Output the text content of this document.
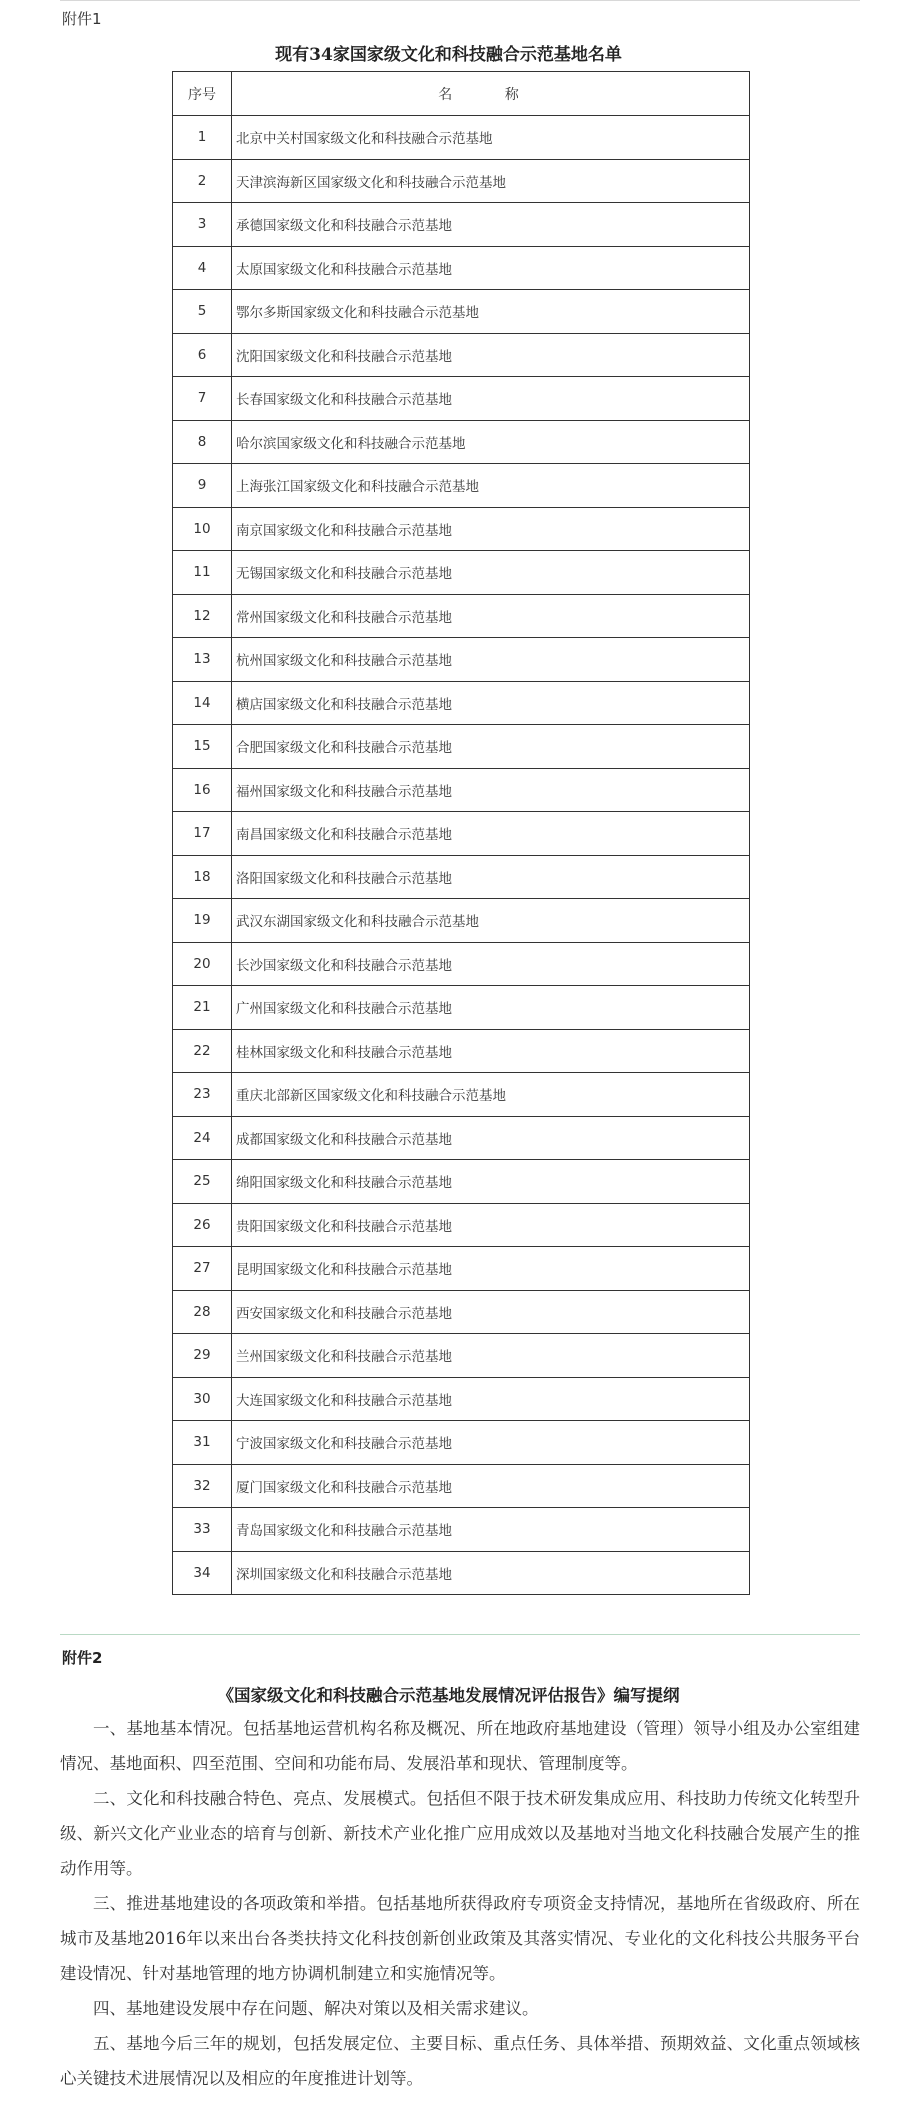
附件1
现有34家国家级文化和科技融合示范基地名单
序号	名 称
1	北京中关村国家级文化和科技融合示范基地
2	天津滨海新区国家级文化和科技融合示范基地
3	承德国家级文化和科技融合示范基地
4	太原国家级文化和科技融合示范基地
5	鄂尔多斯国家级文化和科技融合示范基地
6	沈阳国家级文化和科技融合示范基地
7	长春国家级文化和科技融合示范基地
8	哈尔滨国家级文化和科技融合示范基地
9	上海张江国家级文化和科技融合示范基地
10	南京国家级文化和科技融合示范基地
11	无锡国家级文化和科技融合示范基地
12	常州国家级文化和科技融合示范基地
13	杭州国家级文化和科技融合示范基地
14	横店国家级文化和科技融合示范基地
15	合肥国家级文化和科技融合示范基地
16	福州国家级文化和科技融合示范基地
17	南昌国家级文化和科技融合示范基地
18	洛阳国家级文化和科技融合示范基地
19	武汉东湖国家级文化和科技融合示范基地
20	长沙国家级文化和科技融合示范基地
21	广州国家级文化和科技融合示范基地
22	桂林国家级文化和科技融合示范基地
23	重庆北部新区国家级文化和科技融合示范基地
24	成都国家级文化和科技融合示范基地
25	绵阳国家级文化和科技融合示范基地
26	贵阳国家级文化和科技融合示范基地
27	昆明国家级文化和科技融合示范基地
28	西安国家级文化和科技融合示范基地
29	兰州国家级文化和科技融合示范基地
30	大连国家级文化和科技融合示范基地
31	宁波国家级文化和科技融合示范基地
32	厦门国家级文化和科技融合示范基地
33	青岛国家级文化和科技融合示范基地
34	深圳国家级文化和科技融合示范基地
附件2
《国家级文化和科技融合示范基地发展情况评估报告》编写提纲

一、基地基本情况。包括基地运营机构名称及概况、所在地政府基地建设（管理）领导小组及办公室组建情况、基地面积、四至范围、空间和功能布局、发展沿革和现状、管理制度等。

二、文化和科技融合特色、亮点、发展模式。包括但不限于技术研发集成应用、科技助力传统文化转型升级、新兴文化产业业态的培育与创新、新技术产业化推广应用成效以及基地对当地文化科技融合发展产生的推动作用等。

三、推进基地建设的各项政策和举措。包括基地所获得政府专项资金支持情况，基地所在省级政府、所在城市及基地2016年以来出台各类扶持文化科技创新创业政策及其落实情况、专业化的文化科技公共服务平台建设情况、针对基地管理的地方协调机制建立和实施情况等。

四、基地建设发展中存在问题、解决对策以及相关需求建议。

五、基地今后三年的规划，包括发展定位、主要目标、重点任务、具体举措、预期效益、文化重点领域核心关键技术进展情况以及相应的年度推进计划等。
